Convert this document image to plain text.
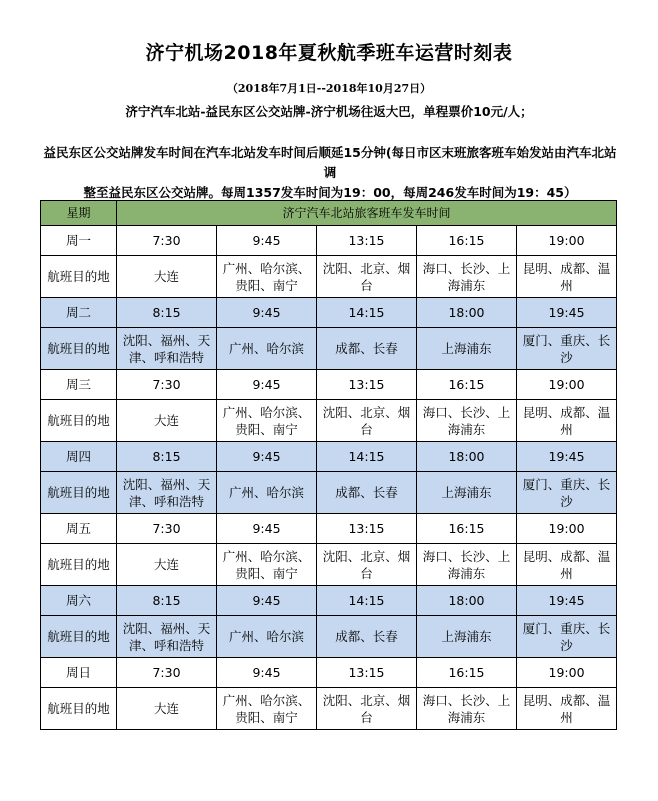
济宁机场2018年夏秋航季班车运营时刻表
（2018年7月1日--2018年10月27日）
济宁汽车北站-益民东区公交站牌-济宁机场往返大巴，单程票价10元/人；
益民东区公交站牌发车时间在汽车北站发车时间后顺延15分钟(每日市区末班旅客班车始发站由汽车北站调
整至益民东区公交站牌。每周1357发车时间为19：00，每周246发车时间为19：45）
星期	济宁汽车北站旅客班车发车时间				
周一	7:30	9:45	13:15	16:15	19:00
航班目的地	大连	广州、哈尔滨、贵阳、南宁	沈阳、北京、烟台	海口、长沙、上海浦东	昆明、成都、温州
周二	8:15	9:45	14:15	18:00	19:45
航班目的地	沈阳、福州、天津、呼和浩特	广州、哈尔滨	成都、长春	上海浦东	厦门、重庆、长沙
周三	7:30	9:45	13:15	16:15	19:00
航班目的地	大连	广州、哈尔滨、贵阳、南宁	沈阳、北京、烟台	海口、长沙、上海浦东	昆明、成都、温州
周四	8:15	9:45	14:15	18:00	19:45
航班目的地	沈阳、福州、天津、呼和浩特	广州、哈尔滨	成都、长春	上海浦东	厦门、重庆、长沙
周五	7:30	9:45	13:15	16:15	19:00
航班目的地	大连	广州、哈尔滨、贵阳、南宁	沈阳、北京、烟台	海口、长沙、上海浦东	昆明、成都、温州
周六	8:15	9:45	14:15	18:00	19:45
航班目的地	沈阳、福州、天津、呼和浩特	广州、哈尔滨	成都、长春	上海浦东	厦门、重庆、长沙
周日	7:30	9:45	13:15	16:15	19:00
航班目的地	大连	广州、哈尔滨、贵阳、南宁	沈阳、北京、烟台	海口、长沙、上海浦东	昆明、成都、温州
